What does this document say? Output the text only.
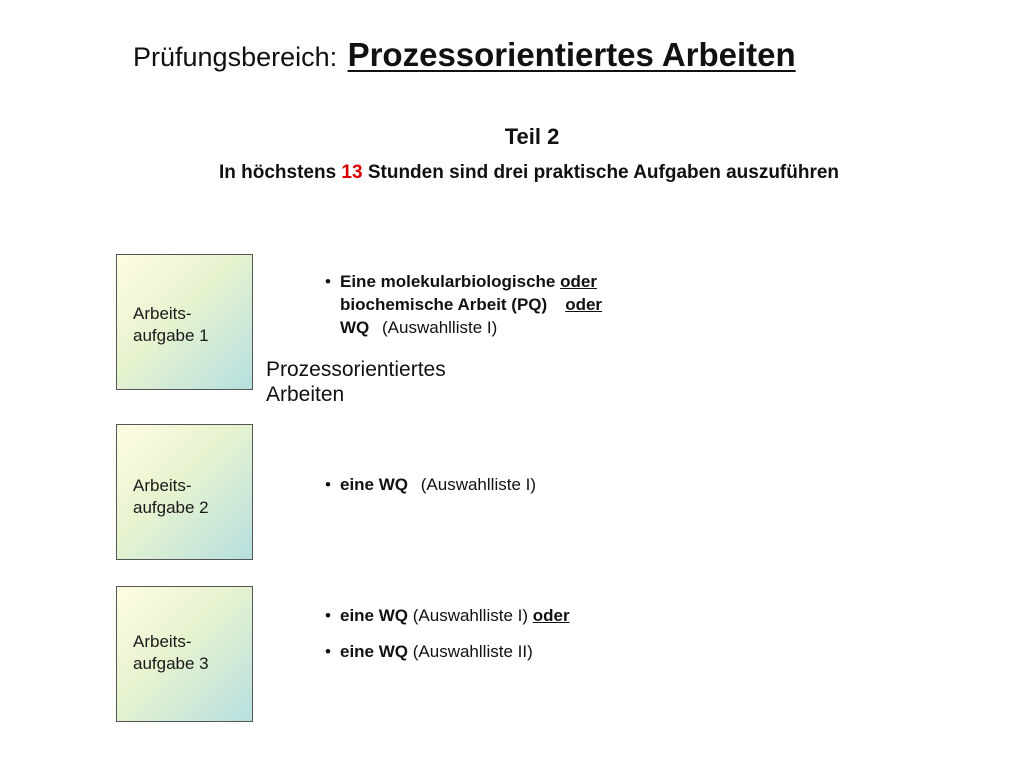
Prüfungsbereich: Prozessorientiertes Arbeiten
Teil 2
In höchstens 13 Stunden sind drei praktische Aufgaben auszuführen
Arbeits-
aufgabe 1
Arbeits-
aufgabe 2
Arbeits-
aufgabe 3
Prozessorientiertes
Arbeiten
• Eine molekularbiologische oder
biochemische Arbeit (PQ) oder
WQ (Auswahlliste I)
• eine WQ (Auswahlliste I)
• eine WQ (Auswahlliste I) oder
• eine WQ (Auswahlliste II)
